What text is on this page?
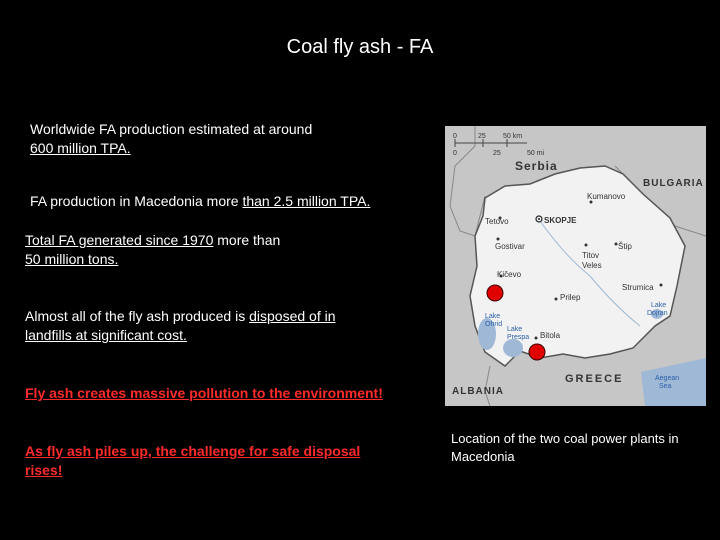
Coal fly ash - FA
Worldwide FA production estimated at around
600 million TPA.
FA production in Macedonia more than 2.5 million TPA.
Total FA generated since 1970 more than
50 million tons.
Almost all of the fly ash produced is disposed of in
landfills at significant cost.
Fly ash creates massive pollution to the environment!
As fly ash piles up, the challenge for safe disposal
rises!
0	25 50 km
0	25	50 mi
Serbia
BULGARIA
ALBANIA
GREECE
Kumanovo
Tetovo	SKOPJE
Gostivar	Štip
Titov
Veles
Kičevo
Prilep
Strumica
Bitola
Lake
Ohrid
Lake
Prespa
Lake
Dojran
Aegean
Sea
Location of the two coal power plants in
Macedonia
